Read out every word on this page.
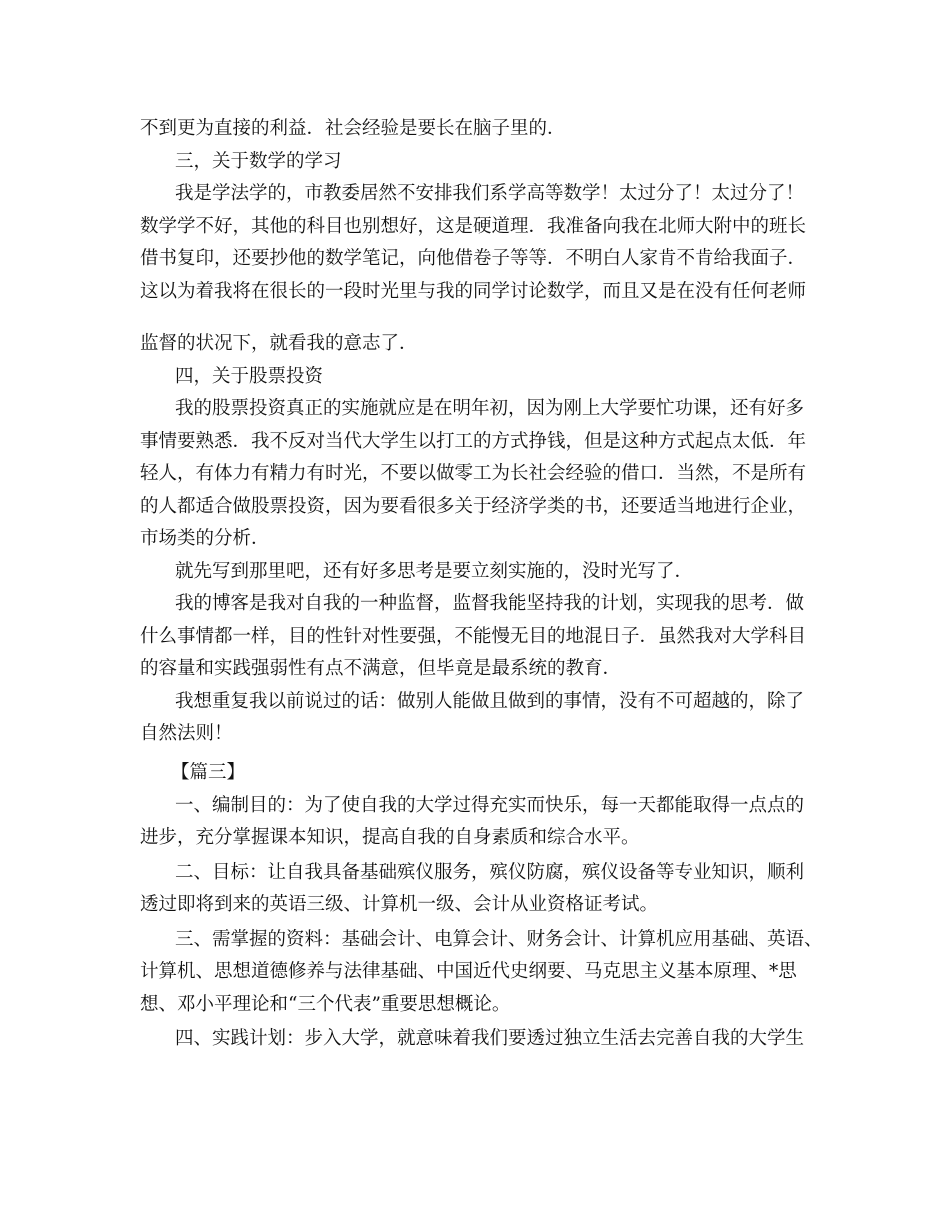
不到更为直接的利益．社会经验是要长在脑子里的．
三，关于数学的学习
我是学法学的，市教委居然不安排我们系学高等数学！太过分了！太过分了！
数学学不好，其他的科目也别想好，这是硬道理．我准备向我在北师大附中的班长
借书复印，还要抄他的数学笔记，向他借卷子等等．不明白人家肯不肯给我面子．
这以为着我将在很长的一段时光里与我的同学讨论数学，而且又是在没有任何老师
监督的状况下，就看我的意志了．
四，关于股票投资
我的股票投资真正的实施就应是在明年初，因为刚上大学要忙功课，还有好多
事情要熟悉．我不反对当代大学生以打工的方式挣钱，但是这种方式起点太低．年
轻人，有体力有精力有时光，不要以做零工为长社会经验的借口．当然，不是所有
的人都适合做股票投资，因为要看很多关于经济学类的书，还要适当地进行企业，
市场类的分析．
就先写到那里吧，还有好多思考是要立刻实施的，没时光写了．
我的博客是我对自我的一种监督，监督我能坚持我的计划，实现我的思考．做
什么事情都一样，目的性针对性要强，不能慢无目的地混日子．虽然我对大学科目
的容量和实践强弱性有点不满意，但毕竟是最系统的教育．
我想重复我以前说过的话：做别人能做且做到的事情，没有不可超越的，除了
自然法则！
【篇三】
一、编制目的：为了使自我的大学过得充实而快乐，每一天都能取得一点点的
进步，充分掌握课本知识，提高自我的自身素质和综合水平。
二、目标：让自我具备基础殡仪服务，殡仪防腐，殡仪设备等专业知识，顺利
透过即将到来的英语三级、计算机一级、会计从业资格证考试。
三、需掌握的资料：基础会计、电算会计、财务会计、计算机应用基础、英语、
计算机、思想道德修养与法律基础、中国近代史纲要、马克思主义基本原理、*思
想、邓小平理论和“三个代表”重要思想概论。
四、实践计划：步入大学，就意味着我们要透过独立生活去完善自我的大学生
